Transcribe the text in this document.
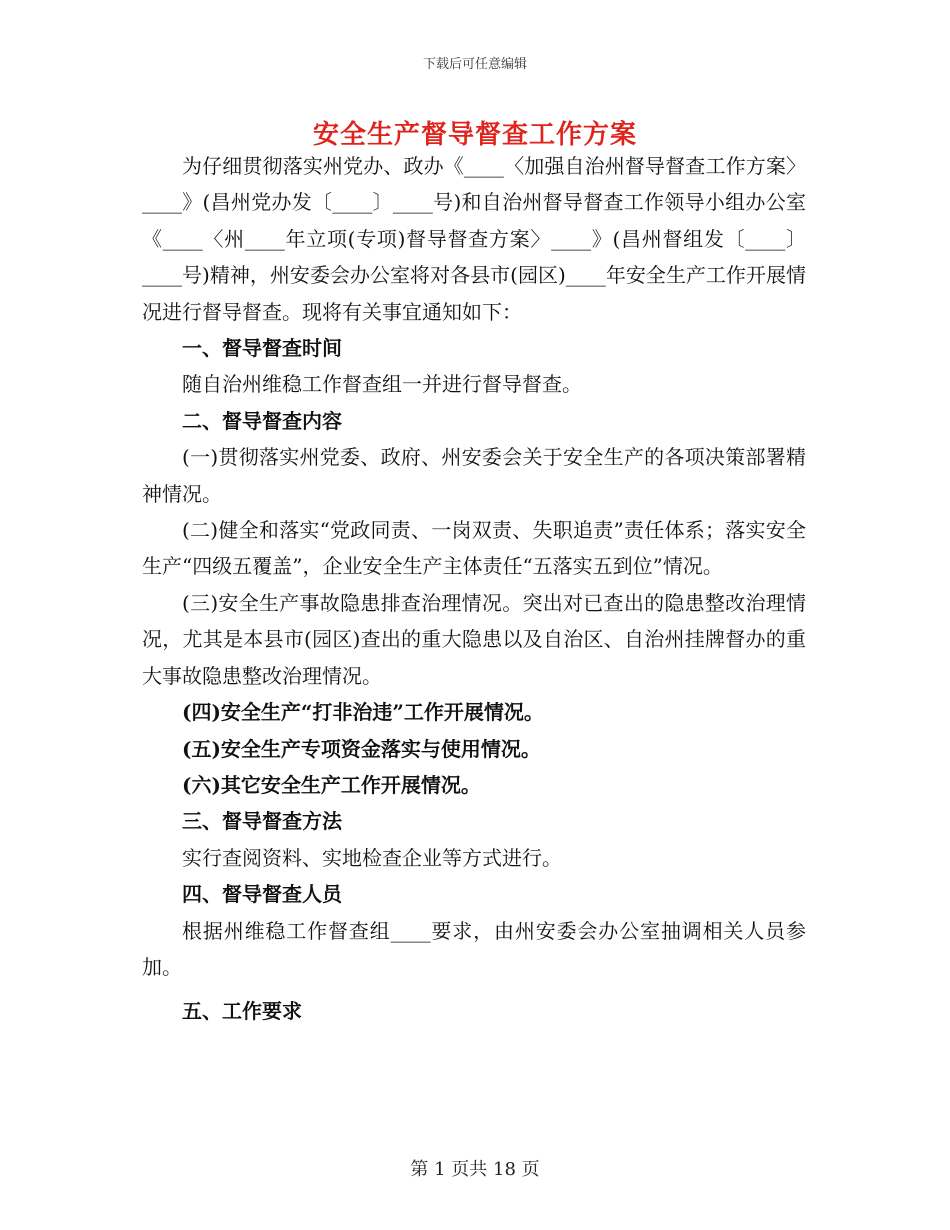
下载后可任意编辑
安全生产督导督查工作方案

为仔细贯彻落实州党办、政办《____〈加强自治州督导督查工作方案〉____》(昌州党办发〔____〕____号)和自治州督导督查工作领导小组办公室《____〈州____年立项(专项)督导督查方案〉____》(昌州督组发〔____〕____号)精神，州安委会办公室将对各县市(园区)____年安全生产工作开展情况进行督导督查。现将有关事宜通知如下：

一、督导督查时间

随自治州维稳工作督查组一并进行督导督查。

二、督导督查内容

(一)贯彻落实州党委、政府、州安委会关于安全生产的各项决策部署精神情况。

(二)健全和落实“党政同责、一岗双责、失职追责”责任体系；落实安全生产“四级五覆盖”，企业安全生产主体责任“五落实五到位”情况。

(三)安全生产事故隐患排查治理情况。突出对已查出的隐患整改治理情况，尤其是本县市(园区)查出的重大隐患以及自治区、自治州挂牌督办的重大事故隐患整改治理情况。

(四)安全生产“打非治违”工作开展情况。

(五)安全生产专项资金落实与使用情况。

(六)其它安全生产工作开展情况。

三、督导督查方法

实行查阅资料、实地检查企业等方式进行。

四、督导督查人员

根据州维稳工作督查组____要求，由州安委会办公室抽调相关人员参加。

五、工作要求

第 1 页共 18 页
